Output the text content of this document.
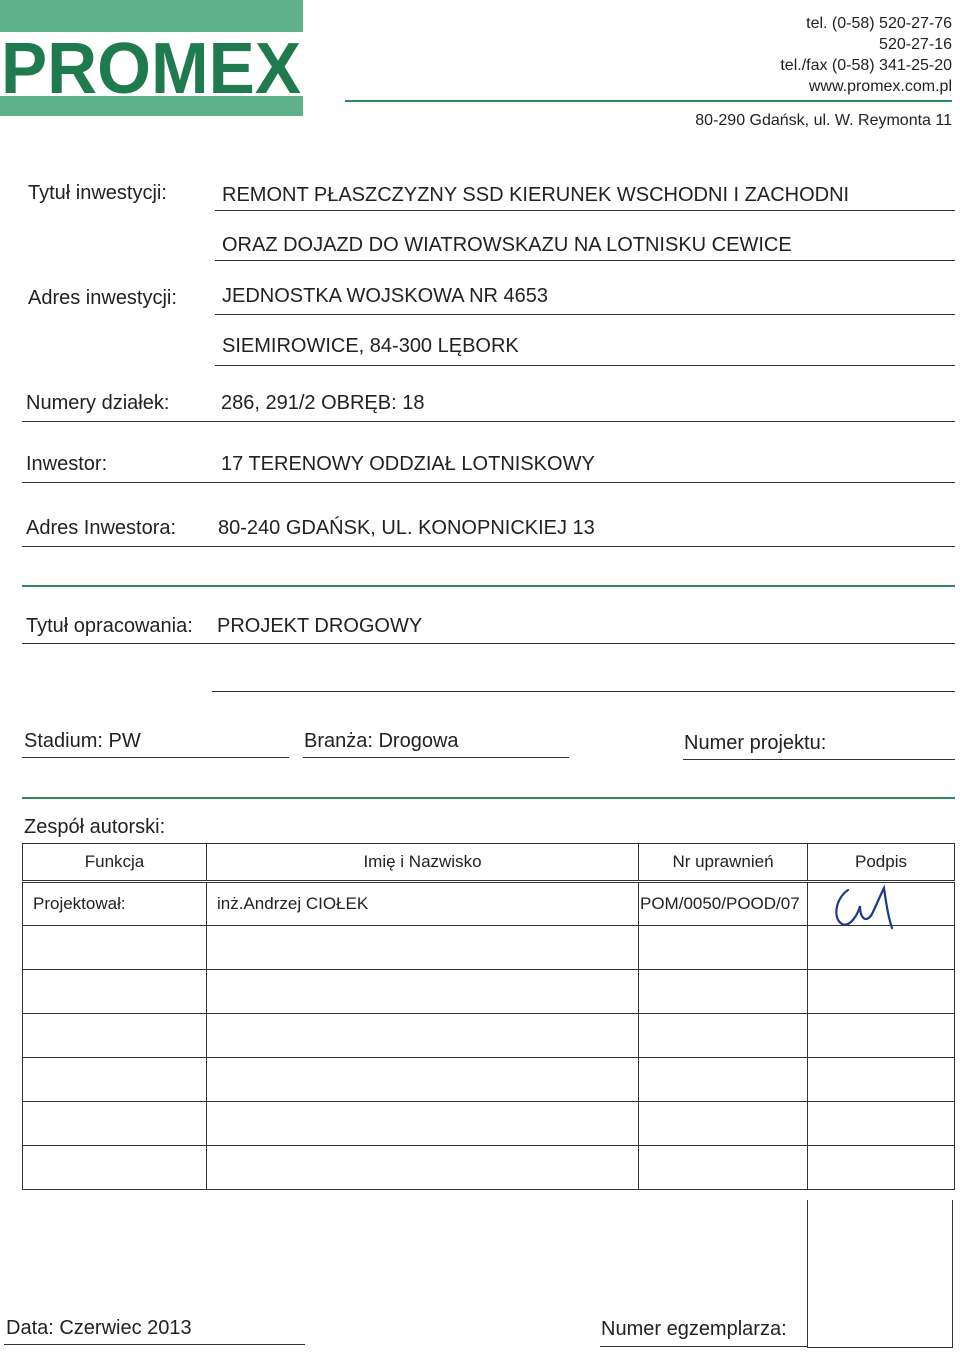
PROMEX
tel. (0-58) 520-27-76
520-27-16
tel./fax (0-58) 341-25-20
www.promex.com.pl
80-290 Gdańsk, ul. W. Reymonta 11
Tytuł inwestycji:	REMONT PŁASZCZYZNY SSD KIERUNEK WSCHODNI I ZACHODNI
ORAZ DOJAZD DO WIATROWSKAZU NA LOTNISKU CEWICE
Adres inwestycji: JEDNOSTKA WOJSKOWA NR 4653
SIEMIROWICE, 84-300 LĘBORK
Numery działek:	286, 291/2 OBRĘB: 18
Inwestor:	17 TERENOWY ODDZIAŁ LOTNISKOWY
Adres Inwestora: 80-240 GDAŃSK, UL. KONOPNICKIEJ 13
Tytuł opracowania: PROJEKT DROGOWY
Stadium: PW	Branża: Drogowa	Numer projektu:
Zespół autorski:
Funkcja	Imię i Nazwisko	Nr uprawnień	Podpis
Projektował:	inż.Andrzej CIOŁEK	POM/0050/POOD/07	

Data: Czerwiec 2013	Numer egzemplarza:
